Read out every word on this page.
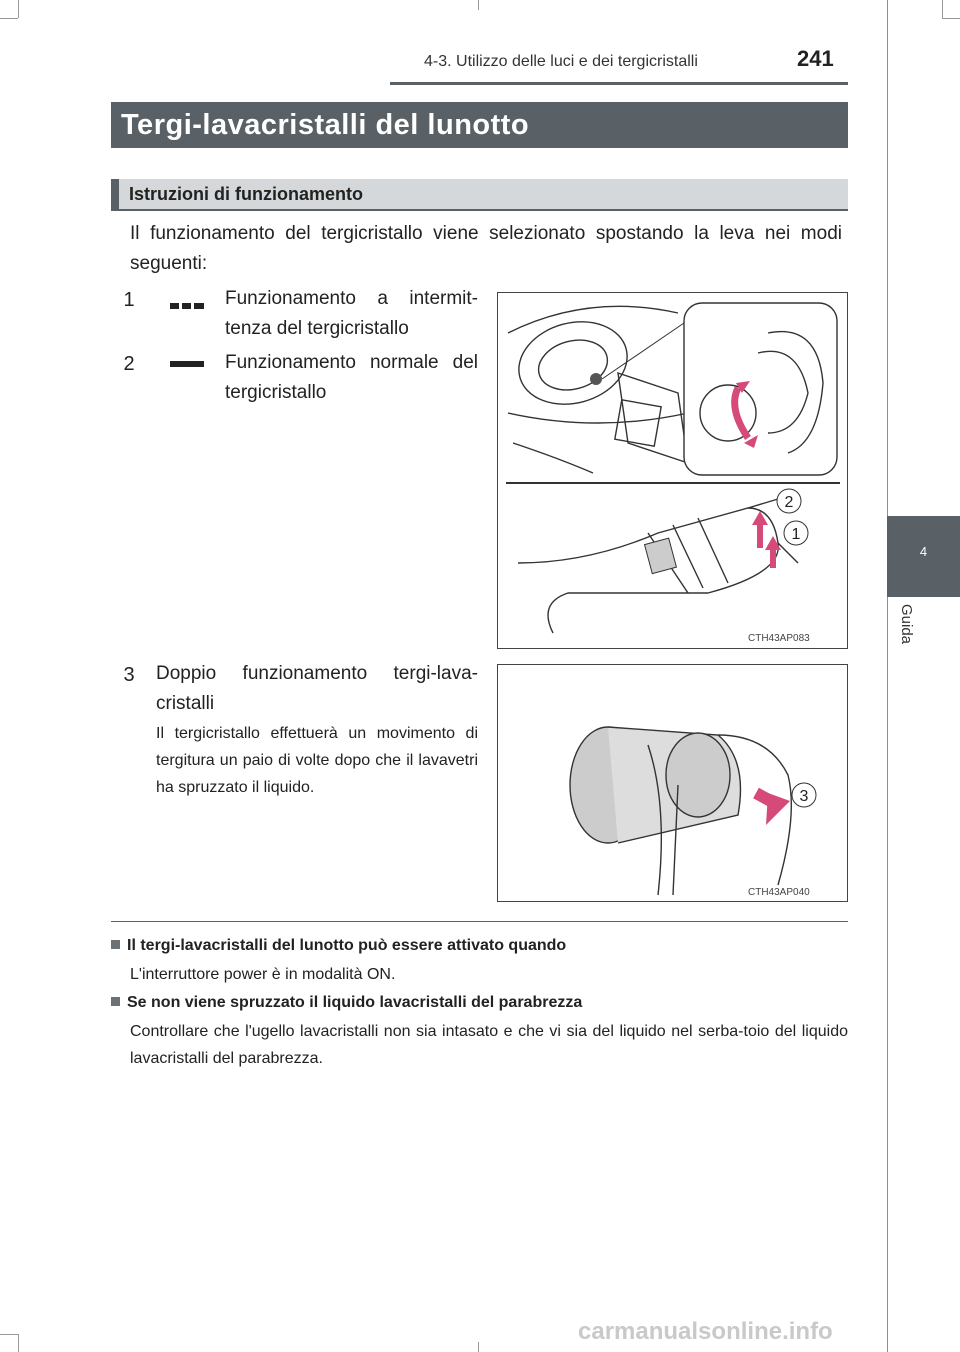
4
Guida
4-3. Utilizzo delle luci e dei tergicristalli	241
Tergi-lavacristalli del lunotto
Istruzioni di funzionamento
Il funzionamento del tergicristallo viene selezionato spostando la leva nei modi seguenti:
1	Funzionamento a intermit-tenza del tergicristallo
2	Funzionamento normale del tergicristallo
2
1
CTH43AP083
3 Doppio funzionamento tergi-lava-cristalli
Il tergicristallo effettuerà un movimento di tergitura un paio di volte dopo che il lavavetri ha spruzzato il liquido.
3
CTH43AP040
Il tergi-lavacristalli del lunotto può essere attivato quando
L'interruttore power è in modalità ON.
Se non viene spruzzato il liquido lavacristalli del parabrezza
Controllare che l'ugello lavacristalli non sia intasato e che vi sia del liquido nel serba-toio del liquido lavacristalli del parabrezza.
carmanualsonline.info
